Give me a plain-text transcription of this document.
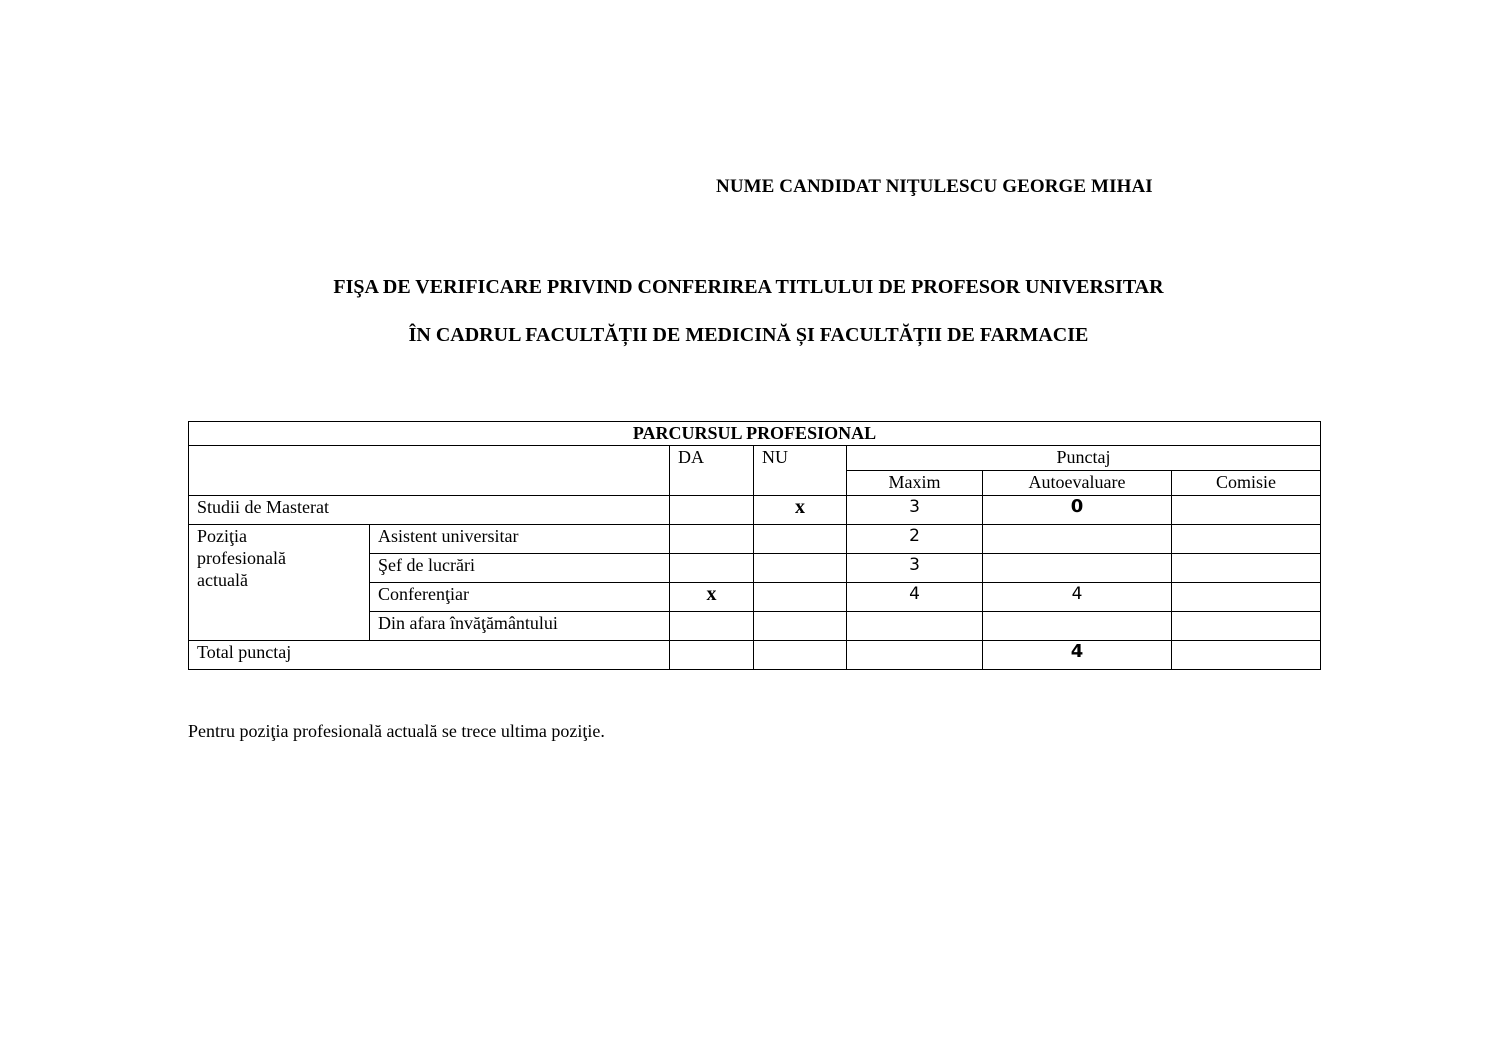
NUME CANDIDAT NIŢULESCU GEORGE MIHAI
FIŞA DE VERIFICARE PRIVIND CONFERIREA TITLULUI DE PROFESOR UNIVERSITAR
ÎN CADRUL FACULTĂȚII DE MEDICINĂ ȘI FACULTĂȚII DE FARMACIE
PARCURSUL PROFESIONAL						
		DA	NU	Punctaj		
				Maxim	Autoevaluare	Comisie
Studii de Masterat			x	3	0	
Poziţia profesională actuală	Asistent universitar			2		
	Şef de lucrări			3		
	Conferenţiar	x		4	4	
	Din afara învăţământului					
Total punctaj					4	
Pentru poziţia profesională actuală se trece ultima poziţie.
